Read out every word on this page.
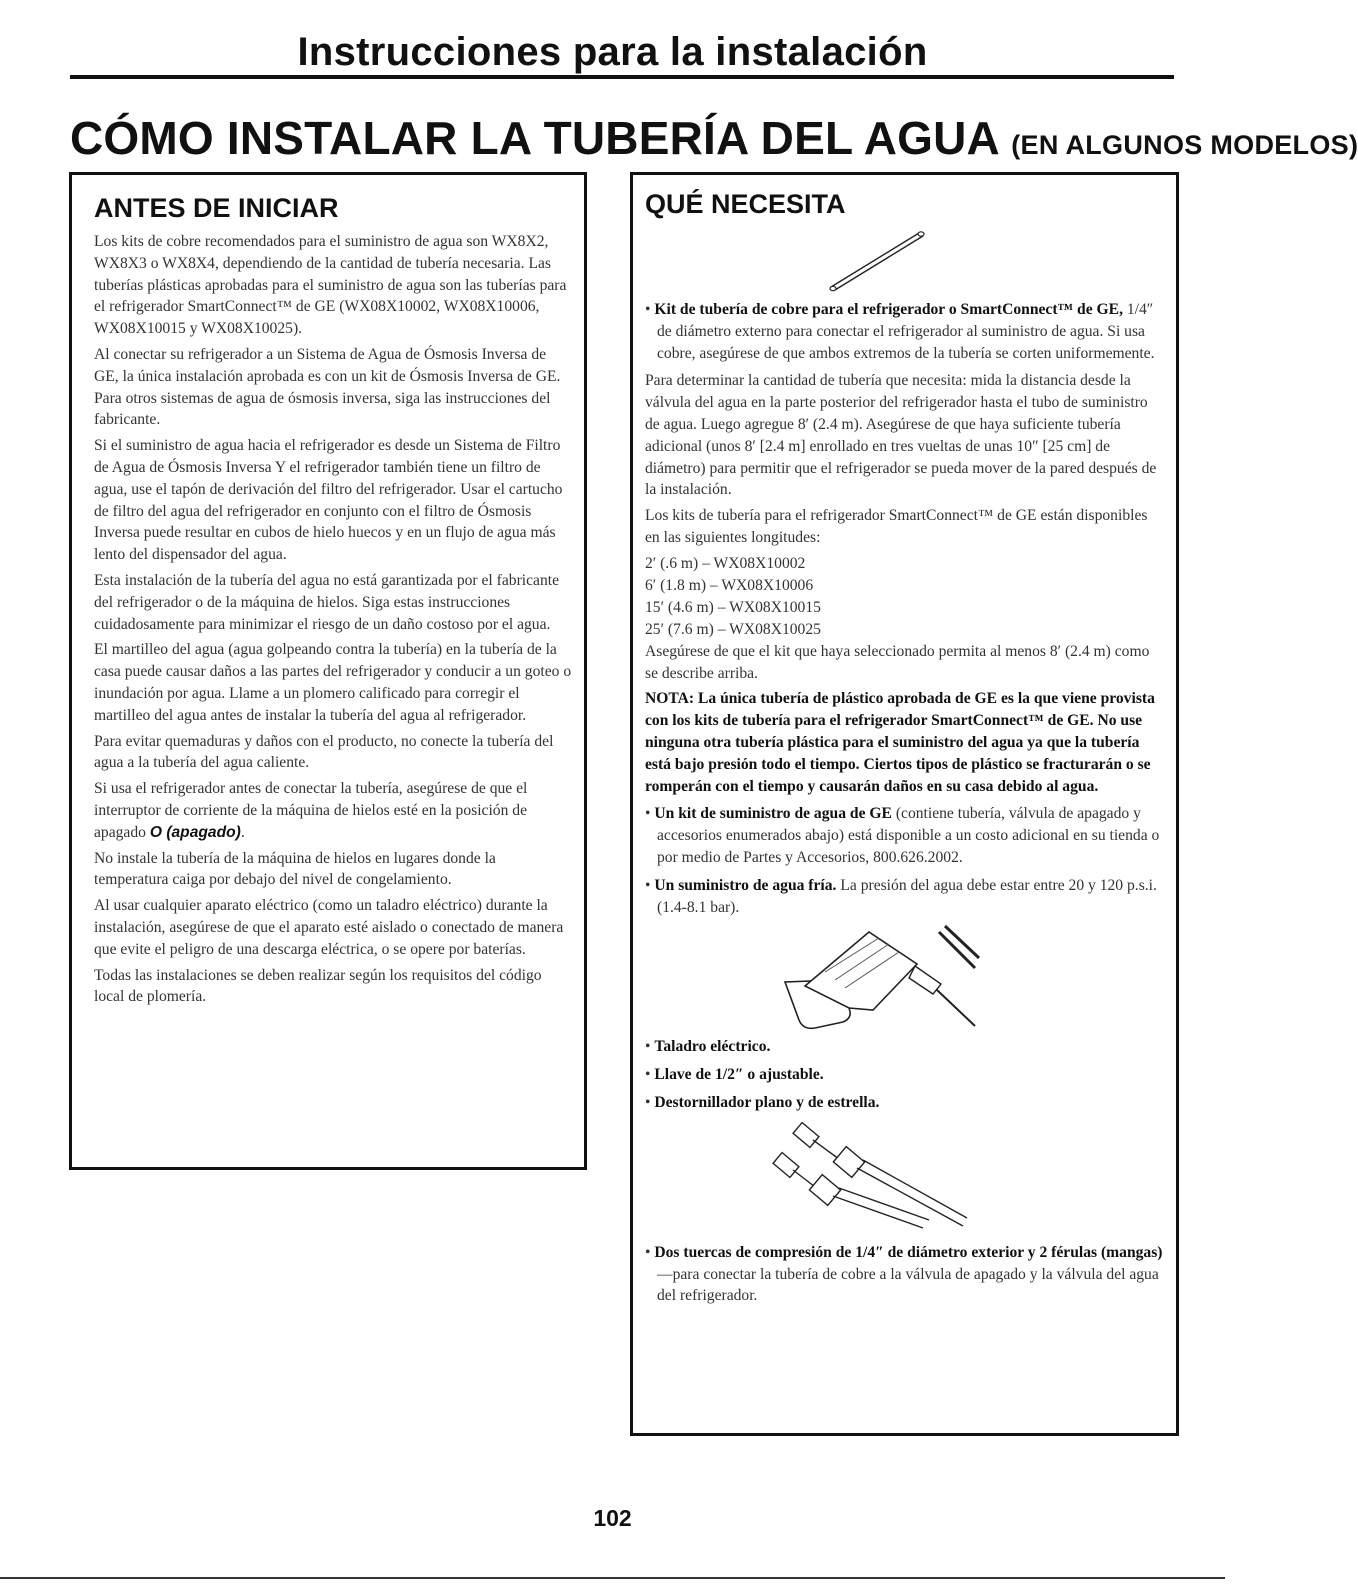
Instrucciones para la instalación
CÓMO INSTALAR LA TUBERÍA DEL AGUA (EN ALGUNOS MODELOS)
ANTES DE INICIAR

Los kits de cobre recomendados para el suministro de agua son WX8X2, WX8X3 o WX8X4, dependiendo de la cantidad de tubería necesaria. Las tuberías plásticas aprobadas para el suministro de agua son las tuberías para el refrigerador SmartConnect™ de GE (WX08X10002, WX08X10006, WX08X10015 y WX08X10025).

Al conectar su refrigerador a un Sistema de Agua de Ósmosis Inversa de GE, la única instalación aprobada es con un kit de Ósmosis Inversa de GE. Para otros sistemas de agua de ósmosis inversa, siga las instrucciones del fabricante.

Si el suministro de agua hacia el refrigerador es desde un Sistema de Filtro de Agua de Ósmosis Inversa Y el refrigerador también tiene un filtro de agua, use el tapón de derivación del filtro del refrigerador. Usar el cartucho de filtro del agua del refrigerador en conjunto con el filtro de Ósmosis Inversa puede resultar en cubos de hielo huecos y en un flujo de agua más lento del dispensador del agua.

Esta instalación de la tubería del agua no está garantizada por el fabricante del refrigerador o de la máquina de hielos. Siga estas instrucciones cuidadosamente para minimizar el riesgo de un daño costoso por el agua.

El martilleo del agua (agua golpeando contra la tubería) en la tubería de la casa puede causar daños a las partes del refrigerador y conducir a un goteo o inundación por agua. Llame a un plomero calificado para corregir el martilleo del agua antes de instalar la tubería del agua al refrigerador.

Para evitar quemaduras y daños con el producto, no conecte la tubería del agua a la tubería del agua caliente.

Si usa el refrigerador antes de conectar la tubería, asegúrese de que el interruptor de corriente de la máquina de hielos esté en la posición de apagado O (apagado).

No instale la tubería de la máquina de hielos en lugares donde la temperatura caiga por debajo del nivel de congelamiento.

Al usar cualquier aparato eléctrico (como un taladro eléctrico) durante la instalación, asegúrese de que el aparato esté aislado o conectado de manera que evite el peligro de una descarga eléctrica, o se opere por baterías.

Todas las instalaciones se deben realizar según los requisitos del código local de plomería.

QUÉ NECESITA

• Kit de tubería de cobre para el refrigerador o SmartConnect™ de GE, 1/4″ de diámetro externo para conectar el refrigerador al suministro de agua. Si usa cobre, asegúrese de que ambos extremos de la tubería se corten uniformemente.

Para determinar la cantidad de tubería que necesita: mida la distancia desde la válvula del agua en la parte posterior del refrigerador hasta el tubo de suministro de agua. Luego agregue 8′ (2.4 m). Asegúrese de que haya suficiente tubería adicional (unos 8′ [2.4 m] enrollado en tres vueltas de unas 10″ [25 cm] de diámetro) para permitir que el refrigerador se pueda mover de la pared después de la instalación.

Los kits de tubería para el refrigerador SmartConnect™ de GE están disponibles en las siguientes longitudes:

2′ (.6 m) – WX08X10002
6′ (1.8 m) – WX08X10006
15′ (4.6 m) – WX08X10015
25′ (7.6 m) – WX08X10025

Asegúrese de que el kit que haya seleccionado permita al menos 8′ (2.4 m) como se describe arriba.

NOTA: La única tubería de plástico aprobada de GE es la que viene provista con los kits de tubería para el refrigerador SmartConnect™ de GE. No use ninguna otra tubería plástica para el suministro del agua ya que la tubería está bajo presión todo el tiempo. Ciertos tipos de plástico se fracturarán o se romperán con el tiempo y causarán daños en su casa debido al agua.

• Un kit de suministro de agua de GE (contiene tubería, válvula de apagado y accesorios enumerados abajo) está disponible a un costo adicional en su tienda o por medio de Partes y Accesorios, 800.626.2002.

• Un suministro de agua fría. La presión del agua debe estar entre 20 y 120 p.s.i. (1.4-8.1 bar).

• Taladro eléctrico.

• Llave de 1/2″ o ajustable.

• Destornillador plano y de estrella.

• Dos tuercas de compresión de 1/4″ de diámetro exterior y 2 férulas (mangas)—para conectar la tubería de cobre a la válvula de apagado y la válvula del agua del refrigerador.

102
